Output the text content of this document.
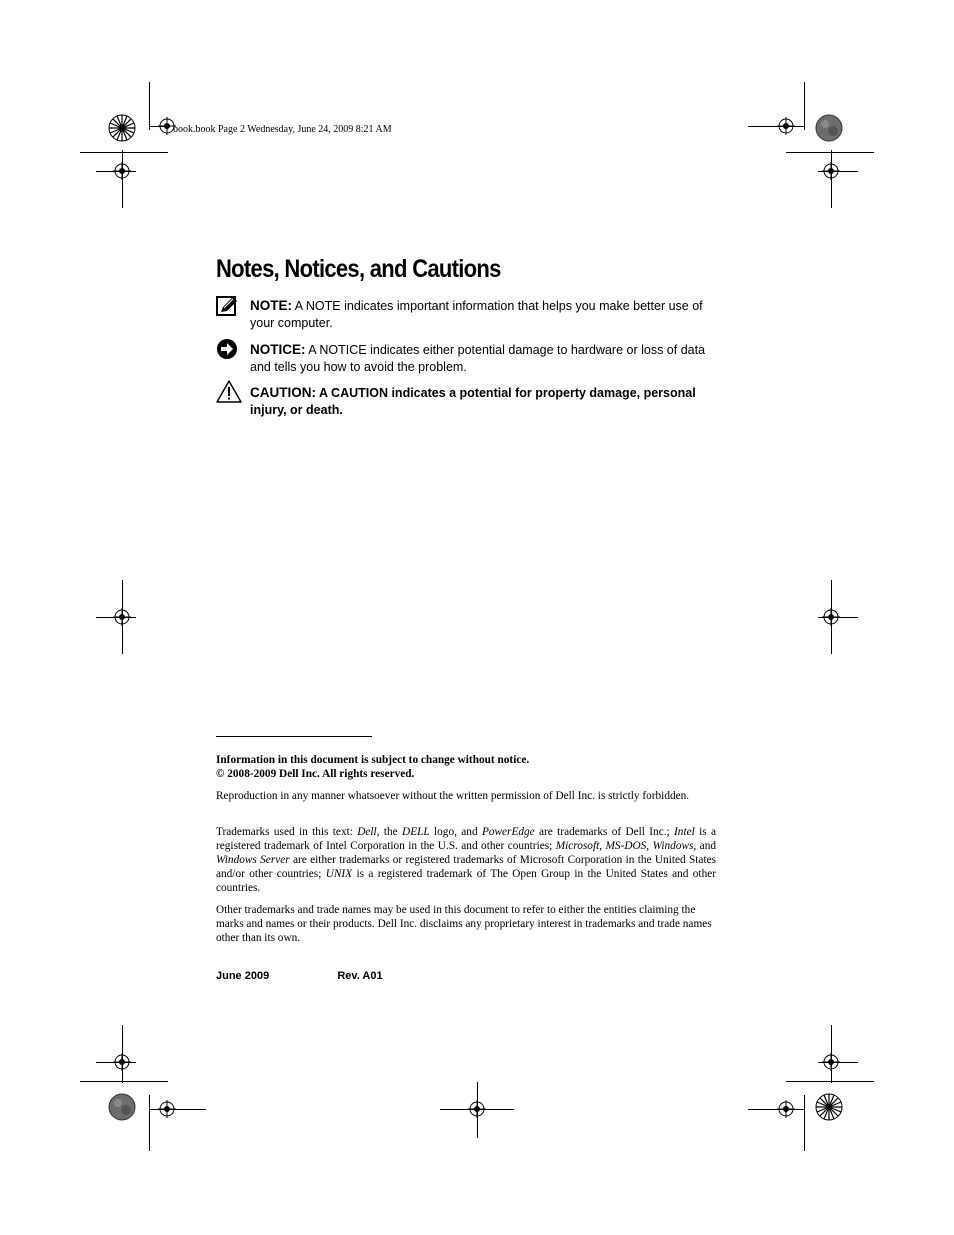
book.book Page 2 Wednesday, June 24, 2009 8:21 AM
Notes, Notices, and Cautions
NOTE: A NOTE indicates important information that helps you make better use of your computer.
NOTICE: A NOTICE indicates either potential damage to hardware or loss of data and tells you how to avoid the problem.
CAUTION: A CAUTION indicates a potential for property damage, personal injury, or death.

Information in this document is subject to change without notice.

© 2008-2009 Dell Inc. All rights reserved.

Reproduction in any manner whatsoever without the written permission of Dell Inc. is strictly forbidden.

Trademarks used in this text: Dell, the DELL logo, and PowerEdge are trademarks of Dell Inc.; Intel is a registered trademark of Intel Corporation in the U.S. and other countries; Microsoft, MS-DOS, Windows, and Windows Server are either trademarks or registered trademarks of Microsoft Corporation in the United States and/or other countries; UNIX is a registered trademark of The Open Group in the United States and other countries.

Other trademarks and trade names may be used in this document to refer to either the entities claiming the marks and names or their products. Dell Inc. disclaims any proprietary interest in trademarks and trade names other than its own.

June 2009	Rev. A01
